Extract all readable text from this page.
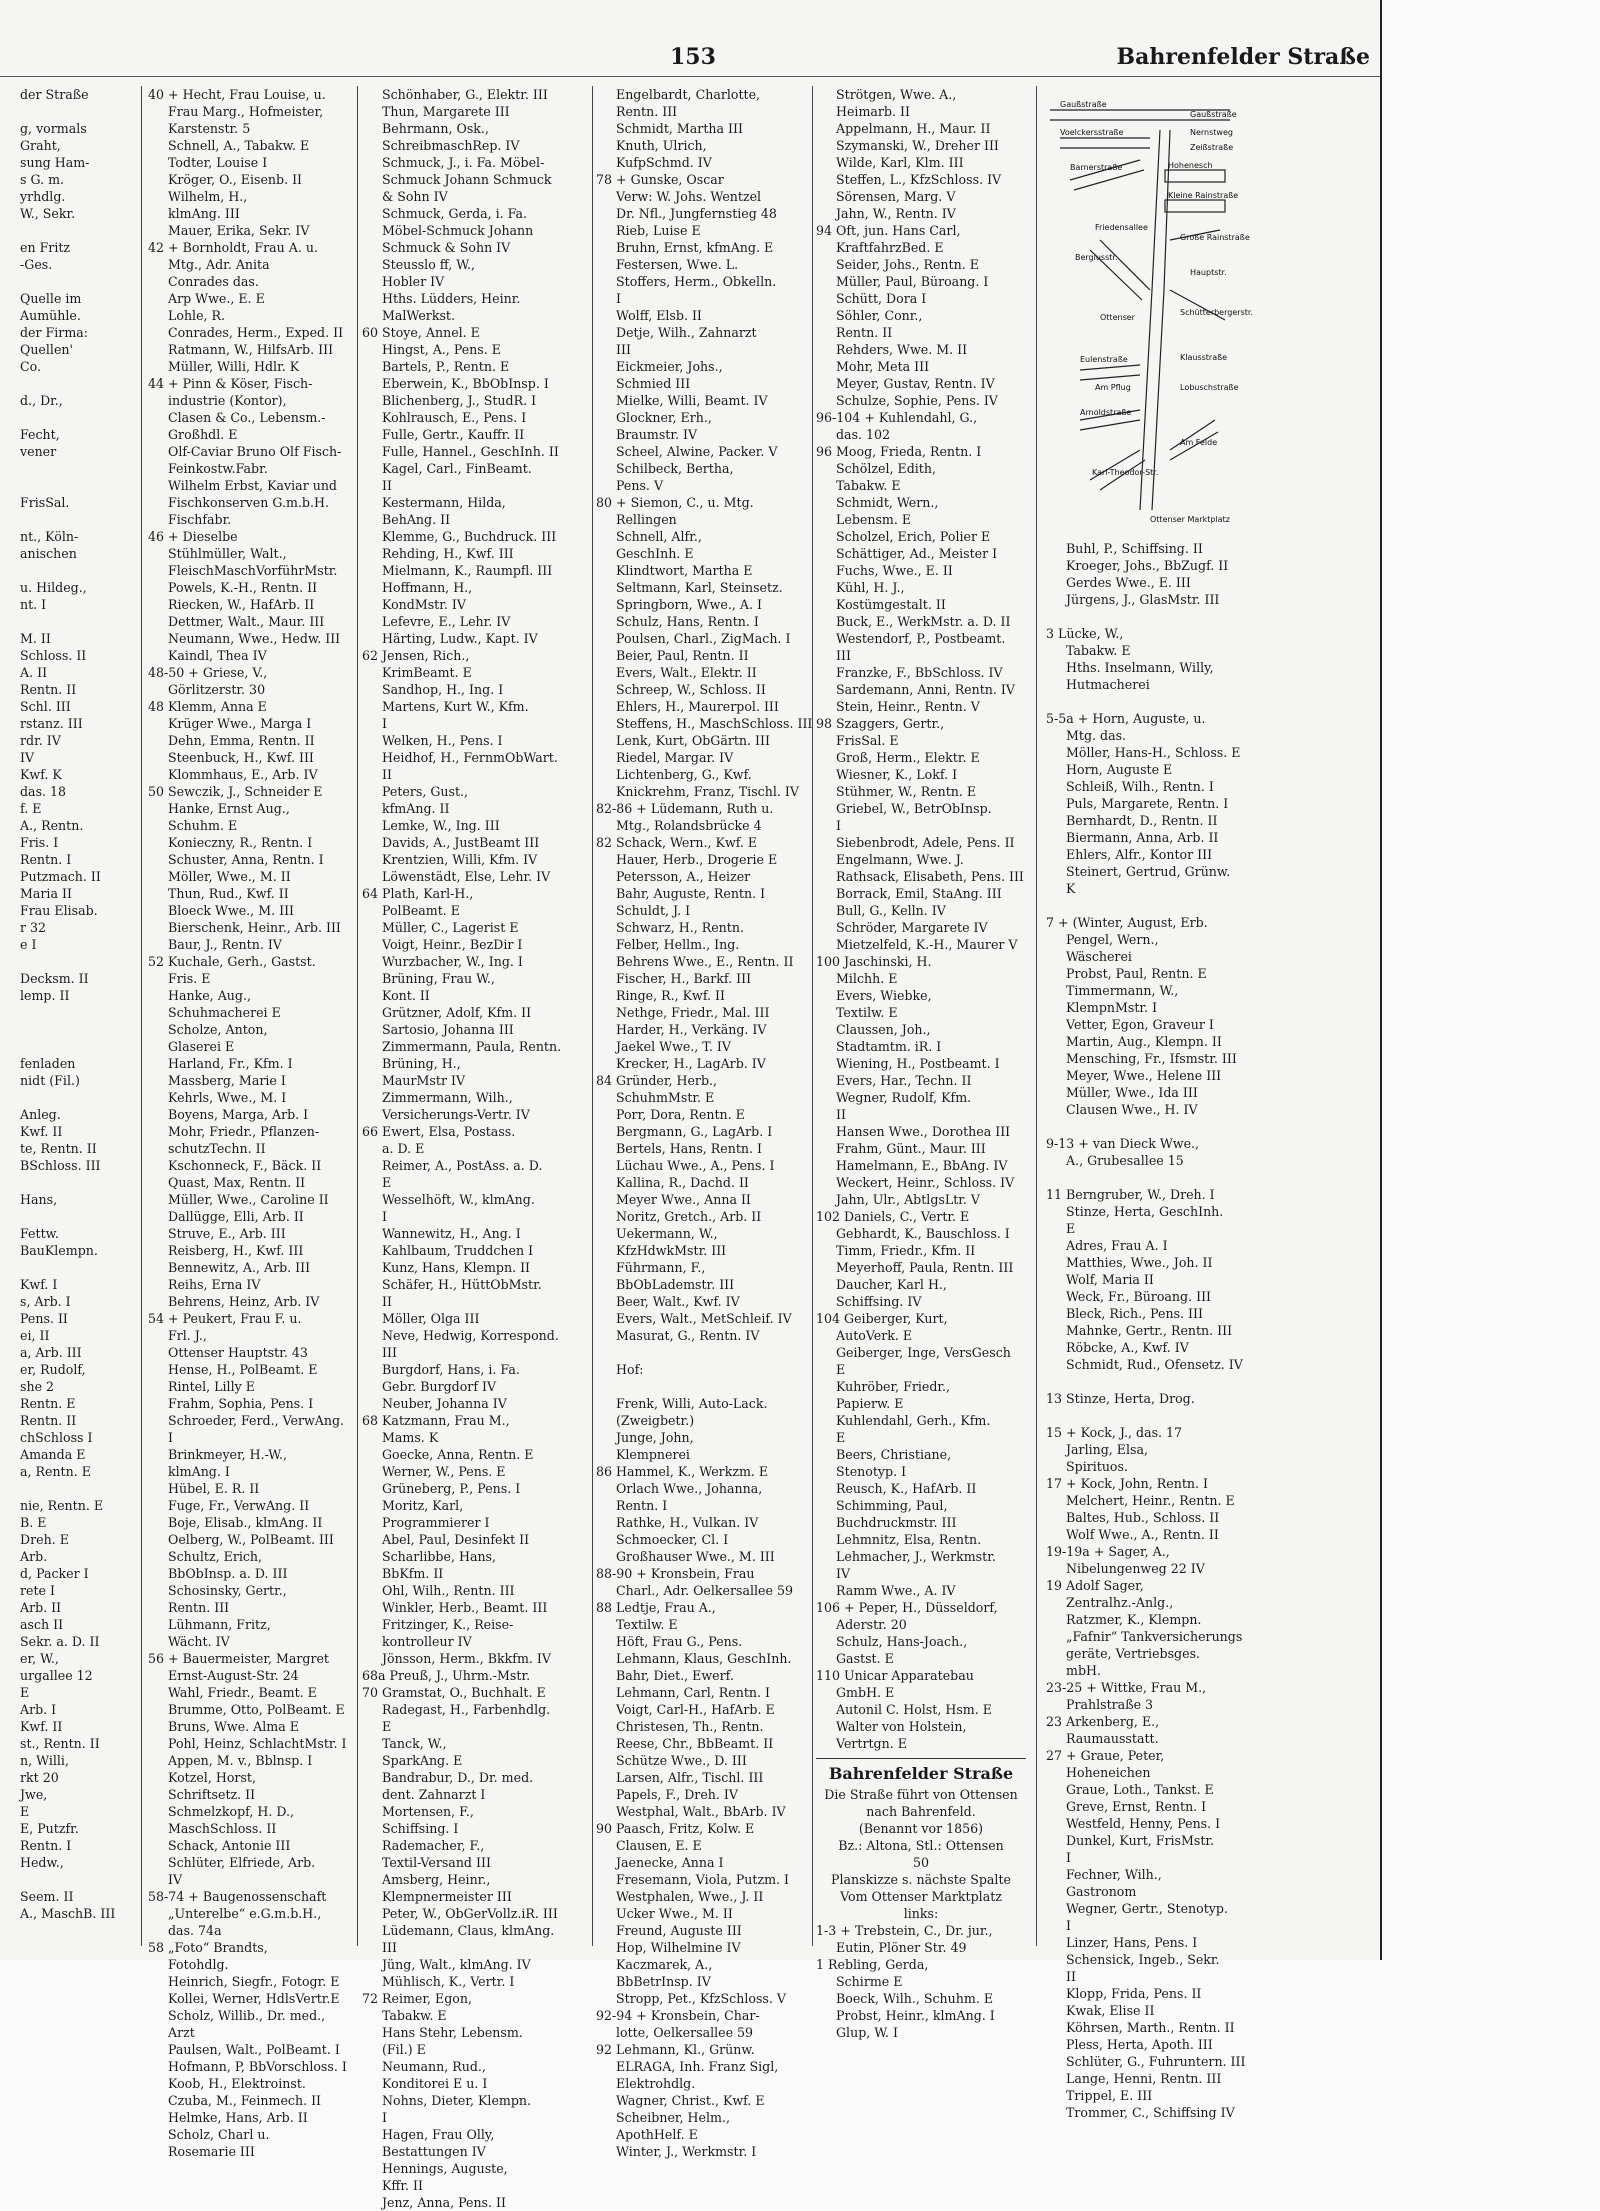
153	Bahrenfelder Straße
der Straße

g, vormals
Graht,
sung Ham-
s G. m.
yrhdlg.
W., Sekr.

en Fritz
-Ges.

Quelle im
Aumühle.
der Firma:
Quellen'
Co.

d., Dr.,

Fecht,
vener

FrisSal.

nt., Köln-
anischen

u. Hildeg.,
nt. I

M. II
Schloss. II
A. II
Rentn. II
Schl. III
rstanz. III
rdr. IV
IV
Kwf. K
das. 18
f. E
A., Rentn.
Fris. I
Rentn. I
Putzmach. II
Maria II
Frau Elisab.
r 32
e I

Decksm. II
lemp. II

fenladen
nidt (Fil.)

Anleg.
Kwf. II
te, Rentn. II
BSchloss. III

Hans,

Fettw.
BauKlempn.

Kwf. I
s, Arb. I
Pens. II
ei, II
a, Arb. III
er, Rudolf,
she 2
Rentn. E
Rentn. II
chSchloss I
Amanda E
a, Rentn. E

nie, Rentn. E
B. E
Dreh. E
Arb.
d, Packer I
rete I
Arb. II
asch II
Sekr. a. D. II
er, W.,
urgallee 12
E
Arb. I
Kwf. II
st., Rentn. II
n, Willi,
rkt 20
Jwe,
E
E, Putzfr.
Rentn. I
Hedw.,

Seem. II
A., MaschB. III
40 + Hecht, Frau Louise, u.
Frau Marg., Hofmeister,
Karstenstr. 5
Schnell, A., Tabakw. E
Todter, Louise I
Kröger, O., Eisenb. II
Wilhelm, H.,
klmAng. III
Mauer, Erika, Sekr. IV
42 + Bornholdt, Frau A. u.
Mtg., Adr. Anita
Conrades das.
Arp Wwe., E. E
Lohle, R.
Conrades, Herm., Exped. II
Ratmann, W., HilfsArb. III
Müller, Willi, Hdlr. K
44 + Pinn & Köser, Fisch-
industrie (Kontor),
Clasen & Co., Lebensm.-
Großhdl. E
Olf-Caviar Bruno Olf Fisch-
Feinkostw.Fabr.
Wilhelm Erbst, Kaviar und
Fischkonserven G.m.b.H.
Fischfabr.
46 + Dieselbe
Stühlmüller, Walt.,
FleischMaschVorführMstr.
Powels, K.-H., Rentn. II
Riecken, W., HafArb. II
Dettmer, Walt., Maur. III
Neumann, Wwe., Hedw. III
Kaindl, Thea IV
48-50 + Griese, V.,
Görlitzerstr. 30
48 Klemm, Anna E
Krüger Wwe., Marga I
Dehn, Emma, Rentn. II
Steenbuck, H., Kwf. III
Klommhaus, E., Arb. IV
50 Sewczik, J., Schneider E
Hanke, Ernst Aug.,
Schuhm. E
Konieczny, R., Rentn. I
Schuster, Anna, Rentn. I
Möller, Wwe., M. II
Thun, Rud., Kwf. II
Bloeck Wwe., M. III
Bierschenk, Heinr., Arb. III
Baur, J., Rentn. IV
52 Kuchale, Gerh., Gastst.
Fris. E
Hanke, Aug.,
Schuhmacherei E
Scholze, Anton,
Glaserei E
Harland, Fr., Kfm. I
Massberg, Marie I
Kehrls, Wwe., M. I
Boyens, Marga, Arb. I
Mohr, Friedr., Pflanzen-
schutzTechn. II
Kschonneck, F., Bäck. II
Quast, Max, Rentn. II
Müller, Wwe., Caroline II
Dallügge, Elli, Arb. II
Struve, E., Arb. III
Reisberg, H., Kwf. III
Bennewitz, A., Arb. III
Reihs, Erna IV
Behrens, Heinz, Arb. IV
54 + Peukert, Frau F. u.
Frl. J.,
Ottenser Hauptstr. 43
Hense, H., PolBeamt. E
Rintel, Lilly E
Frahm, Sophia, Pens. I
Schroeder, Ferd., VerwAng.
I
Brinkmeyer, H.-W.,
klmAng. I
Hübel, E. R. II
Fuge, Fr., VerwAng. II
Boje, Elisab., klmAng. II
Oelberg, W., PolBeamt. III
Schultz, Erich,
BbObInsp. a. D. III
Schosinsky, Gertr.,
Rentn. III
Lühmann, Fritz,
Wächt. IV
56 + Bauermeister, Margret
Ernst-August-Str. 24
Wahl, Friedr., Beamt. E
Brumme, Otto, PolBeamt. E
Bruns, Wwe. Alma E
Pohl, Heinz, SchlachtMstr. I
Appen, M. v., Bblnsp. I
Kotzel, Horst,
Schriftsetz. II
Schmelzkopf, H. D.,
MaschSchloss. II
Schack, Antonie III
Schlüter, Elfriede, Arb.
IV
58-74 + Baugenossenschaft
„Unterelbe“ e.G.m.b.H.,
das. 74a
58 „Foto“ Brandts,
Fotohdlg.
Heinrich, Siegfr., Fotogr. E
Kollei, Werner, HdlsVertr.E
Scholz, Willib., Dr. med.,
Arzt
Paulsen, Walt., PolBeamt. I
Hofmann, P, BbVorschloss. I
Koob, H., Elektroinst.
Czuba, M., Feinmech. II
Helmke, Hans, Arb. II
Scholz, Charl u.
Rosemarie III
Schönhaber, G., Elektr. III
Thun, Margarete III
Behrmann, Osk.,
SchreibmaschRep. IV
Schmuck, J., i. Fa. Möbel-
Schmuck Johann Schmuck
& Sohn IV
Schmuck, Gerda, i. Fa.
Möbel-Schmuck Johann
Schmuck & Sohn IV
Steusslo ff, W.,
Hobler IV
Hths. Lüdders, Heinr.
MalWerkst.
60 Stoye, Annel. E
Hingst, A., Pens. E
Bartels, P., Rentn. E
Eberwein, K., BbObInsp. I
Blichenberg, J., StudR. I
Kohlrausch, E., Pens. I
Fulle, Gertr., Kauffr. II
Fulle, Hannel., GeschInh. II
Kagel, Carl., FinBeamt.
II
Kestermann, Hilda,
BehAng. II
Klemme, G., Buchdruck. III
Rehding, H., Kwf. III
Mielmann, K., Raumpfl. III
Hoffmann, H.,
KondMstr. IV
Lefevre, E., Lehr. IV
Härting, Ludw., Kapt. IV
62 Jensen, Rich.,
KrimBeamt. E
Sandhop, H., Ing. I
Martens, Kurt W., Kfm.
I
Welken, H., Pens. I
Heidhof, H., FernmObWart.
II
Peters, Gust.,
kfmAng. II
Lemke, W., Ing. III
Davids, A., JustBeamt III
Krentzien, Willi, Kfm. IV
Löwenstädt, Else, Lehr. IV
64 Plath, Karl-H.,
PolBeamt. E
Müller, C., Lagerist E
Voigt, Heinr., BezDir I
Wurzbacher, W., Ing. I
Brüning, Frau W.,
Kont. II
Grützner, Adolf, Kfm. II
Sartosio, Johanna III
Zimmermann, Paula, Rentn.
Brüning, H.,
MaurMstr IV
Zimmermann, Wilh.,
Versicherungs-Vertr. IV
66 Ewert, Elsa, Postass.
a. D. E
Reimer, A., PostAss. a. D.
E
Wesselhöft, W., klmAng.
I
Wannewitz, H., Ang. I
Kahlbaum, Truddchen I
Kunz, Hans, Klempn. II
Schäfer, H., HüttObMstr.
II
Möller, Olga III
Neve, Hedwig, Korrespond.
III
Burgdorf, Hans, i. Fa.
Gebr. Burgdorf IV
Neuber, Johanna IV
68 Katzmann, Frau M.,
Mams. K
Goecke, Anna, Rentn. E
Werner, W., Pens. E
Grüneberg, P., Pens. I
Moritz, Karl,
Programmierer I
Abel, Paul, Desinfekt II
Scharlibbe, Hans,
BbKfm. II
Ohl, Wilh., Rentn. III
Winkler, Herb., Beamt. III
Fritzinger, K., Reise-
kontrolleur IV
Jönsson, Herm., Bkkfm. IV
68a Preuß, J., Uhrm.-Mstr.
70 Gramstat, O., Buchhalt. E
Radegast, H., Farbenhdlg.
E
Tanck, W.,
SparkAng. E
Bandrabur, D., Dr. med.
dent. Zahnarzt I
Mortensen, F.,
Schiffsing. I
Rademacher, F.,
Textil-Versand III
Amsberg, Heinr.,
Klempnermeister III
Peter, W., ObGerVollz.iR. III
Lüdemann, Claus, klmAng.
III
Jüng, Walt., klmAng. IV
Mühlisch, K., Vertr. I
72 Reimer, Egon,
Tabakw. E
Hans Stehr, Lebensm.
(Fil.) E
Neumann, Rud.,
Konditorei E u. I
Nohns, Dieter, Klempn.
I
Hagen, Frau Olly,
Bestattungen IV
Hennings, Auguste,
Kffr. II
Jenz, Anna, Pens. II
Engelbardt, Charlotte,
Rentn. III
Schmidt, Martha III
Knuth, Ulrich,
KufpSchmd. IV
78 + Gunske, Oscar
Verw: W. Johs. Wentzel
Dr. Nfl., Jungfernstieg 48
Rieb, Luise E
Bruhn, Ernst, kfmAng. E
Festersen, Wwe. L.
Stoffers, Herm., Obkelln.
I
Wolff, Elsb. II
Detje, Wilh., Zahnarzt
III
Eickmeier, Johs.,
Schmied III
Mielke, Willi, Beamt. IV
Glockner, Erh.,
Braumstr. IV
Scheel, Alwine, Packer. V
Schilbeck, Bertha,
Pens. V
80 + Siemon, C., u. Mtg.
Rellingen
Schnell, Alfr.,
GeschInh. E
Klindtwort, Martha E
Seltmann, Karl, Steinsetz.
Springborn, Wwe., A. I
Schulz, Hans, Rentn. I
Poulsen, Charl., ZigMach. I
Beier, Paul, Rentn. II
Evers, Walt., Elektr. II
Schreep, W., Schloss. II
Ehlers, H., Maurerpol. III
Steffens, H., MaschSchloss. III
Lenk, Kurt, ObGärtn. III
Riedel, Margar. IV
Lichtenberg, G., Kwf.
Knickrehm, Franz, Tischl. IV
82-86 + Lüdemann, Ruth u.
Mtg., Rolandsbrücke 4
82 Schack, Wern., Kwf. E
Hauer, Herb., Drogerie E
Petersson, A., Heizer
Bahr, Auguste, Rentn. I
Schuldt, J. I
Schwarz, H., Rentn.
Felber, Hellm., Ing.
Behrens Wwe., E., Rentn. II
Fischer, H., Barkf. III
Ringe, R., Kwf. II
Nethge, Friedr., Mal. III
Harder, H., Verkäng. IV
Jaekel Wwe., T. IV
Krecker, H., LagArb. IV
84 Gründer, Herb.,
SchuhmMstr. E
Porr, Dora, Rentn. E
Bergmann, G., LagArb. I
Bertels, Hans, Rentn. I
Lüchau Wwe., A., Pens. I
Kallina, R., Dachd. II
Meyer Wwe., Anna II
Noritz, Gretch., Arb. II
Uekermann, W.,
KfzHdwkMstr. III
Führmann, F.,
BbObLademstr. III
Beer, Walt., Kwf. IV
Evers, Walt., MetSchleif. IV
Masurat, G., Rentn. IV

Hof:

Frenk, Willi, Auto-Lack.
(Zweigbetr.)
Junge, John,
Klempnerei
86 Hammel, K., Werkzm. E
Orlach Wwe., Johanna,
Rentn. I
Rathke, H., Vulkan. IV
Schmoecker, Cl. I
Großhauser Wwe., M. III
88-90 + Kronsbein, Frau
Charl., Adr. Oelkersallee 59
88 Ledtje, Frau A.,
Textilw. E
Höft, Frau G., Pens.
Lehmann, Klaus, GeschInh.
Bahr, Diet., Ewerf.
Lehmann, Carl, Rentn. I
Voigt, Carl-H., HafArb. E
Christesen, Th., Rentn.
Reese, Chr., BbBeamt. II
Schütze Wwe., D. III
Larsen, Alfr., Tischl. III
Papels, F., Dreh. IV
Westphal, Walt., BbArb. IV
90 Paasch, Fritz, Kolw. E
Clausen, E. E
Jaenecke, Anna I
Fresemann, Viola, Putzm. I
Westphalen, Wwe., J. II
Ucker Wwe., M. II
Freund, Auguste III
Hop, Wilhelmine IV
Kaczmarek, A.,
BbBetrInsp. IV
Stropp, Pet., KfzSchloss. V
92-94 + Kronsbein, Char-
lotte, Oelkersallee 59
92 Lehmann, Kl., Grünw.
ELRAGA, Inh. Franz Sigl,
Elektrohdlg.
Wagner, Christ., Kwf. E
Scheibner, Helm.,
ApothHelf. E
Winter, J., Werkmstr. I
Strötgen, Wwe. A.,
Heimarb. II
Appelmann, H., Maur. II
Szymanski, W., Dreher III
Wilde, Karl, Klm. III
Steffen, L., KfzSchloss. IV
Sörensen, Marg. V
Jahn, W., Rentn. IV
94 Oft, jun. Hans Carl,
KraftfahrzBed. E
Seider, Johs., Rentn. E
Müller, Paul, Büroang. I
Schütt, Dora I
Söhler, Conr.,
Rentn. II
Rehders, Wwe. M. II
Mohr, Meta III
Meyer, Gustav, Rentn. IV
Schulze, Sophie, Pens. IV
96-104 + Kuhlendahl, G.,
das. 102
96 Moog, Frieda, Rentn. I
Schölzel, Edith,
Tabakw. E
Schmidt, Wern.,
Lebensm. E
Scholzel, Erich, Polier E
Schättiger, Ad., Meister I
Fuchs, Wwe., E. II
Kühl, H. J.,
Kostümgestalt. II
Buck, E., WerkMstr. a. D. II
Westendorf, P., Postbeamt.
III
Franzke, F., BbSchloss. IV
Sardemann, Anni, Rentn. IV
Stein, Heinr., Rentn. V
98 Szaggers, Gertr.,
FrisSal. E
Groß, Herm., Elektr. E
Wiesner, K., Lokf. I
Stühmer, W., Rentn. E
Griebel, W., BetrObInsp.
I
Siebenbrodt, Adele, Pens. II
Engelmann, Wwe. J.
Rathsack, Elisabeth, Pens. III
Borrack, Emil, StaAng. III
Bull, G., Kelln. IV
Schröder, Margarete IV
Mietzelfeld, K.-H., Maurer V
100 Jaschinski, H.
Milchh. E
Evers, Wiebke,
Textilw. E
Claussen, Joh.,
Stadtamtm. iR. I
Wiening, H., Postbeamt. I
Evers, Har., Techn. II
Wegner, Rudolf, Kfm.
II
Hansen Wwe., Dorothea III
Frahm, Günt., Maur. III
Hamelmann, E., BbAng. IV
Weckert, Heinr., Schloss. IV
Jahn, Ulr., AbtlgsLtr. V
102 Daniels, C., Vertr. E
Gebhardt, K., Bauschloss. I
Timm, Friedr., Kfm. II
Meyerhoff, Paula, Rentn. III
Daucher, Karl H.,
Schiffsing. IV
104 Geiberger, Kurt,
AutoVerk. E
Geiberger, Inge, VersGesch
E
Kuhröber, Friedr.,
Papierw. E
Kuhlendahl, Gerh., Kfm.
E
Beers, Christiane,
Stenotyp. I
Reusch, K., HafArb. II
Schimming, Paul,
Buchdruckmstr. III
Lehmnitz, Elsa, Rentn.
Lehmacher, J., Werkmstr.
IV
Ramm Wwe., A. IV
106 + Peper, H., Düsseldorf,
Aderstr. 20
Schulz, Hans-Joach.,
Gastst. E
110 Unicar Apparatebau
GmbH. E
Autonil C. Holst, Hsm. E
Walter von Holstein,
Vertrtgn. E
Bahrenfelder Straße
Die Straße führt von Ottensen
nach Bahrenfeld.
(Benannt vor 1856)
Bz.: Altona, Stl.: Ottensen
50
Planskizze s. nächste Spalte
Vom Ottenser Marktplatz
links:
1-3 + Trebstein, C., Dr. jur.,
Eutin, Plöner Str. 49
1 Rebling, Gerda,
Schirme E
Boeck, Wilh., Schuhm. E
Probst, Heinr., klmAng. I
Glup, W. I
Gaußstraße
Voelckersstraße
Barnerstraße
Friedensallee
Bergiusstr.
Ottenser
Eulenstraße
Am Pflug
Arnoldstraße
Karl-Theodor-Str.
Ottenser Marktplatz
Große Rainstraße
Hauptstr.
Schütterbergerstr.
Klausstraße
Lobuschstraße
Am Felde
Hohenesch
Kleine Rainstraße
Zeißstraße
Nernstweg
Gaußstraße
Buhl, P., Schiffsing. II
Kroeger, Johs., BbZugf. II
Gerdes Wwe., E. III
Jürgens, J., GlasMstr. III

3 Lücke, W.,
Tabakw. E
Hths. Inselmann, Willy,
Hutmacherei

5-5a + Horn, Auguste, u.
Mtg. das.
Möller, Hans-H., Schloss. E
Horn, Auguste E
Schleiß, Wilh., Rentn. I
Puls, Margarete, Rentn. I
Bernhardt, D., Rentn. II
Biermann, Anna, Arb. II
Ehlers, Alfr., Kontor III
Steinert, Gertrud, Grünw.
K

7 + (Winter, August, Erb.
Pengel, Wern.,
Wäscherei
Probst, Paul, Rentn. E
Timmermann, W.,
KlempnMstr. I
Vetter, Egon, Graveur I
Martin, Aug., Klempn. II
Mensching, Fr., Ifsmstr. III
Meyer, Wwe., Helene III
Müller, Wwe., Ida III
Clausen Wwe., H. IV

9-13 + van Dieck Wwe.,
A., Grubesallee 15

11 Berngruber, W., Dreh. I
Stinze, Herta, GeschInh.
E
Adres, Frau A. I
Matthies, Wwe., Joh. II
Wolf, Maria II
Weck, Fr., Büroang. III
Bleck, Rich., Pens. III
Mahnke, Gertr., Rentn. III
Röbcke, A., Kwf. IV
Schmidt, Rud., Ofensetz. IV

13 Stinze, Herta, Drog.

15 + Kock, J., das. 17
Jarling, Elsa,
Spirituos.
17 + Kock, John, Rentn. I
Melchert, Heinr., Rentn. E
Baltes, Hub., Schloss. II
Wolf Wwe., A., Rentn. II
19-19a + Sager, A.,
Nibelungenweg 22 IV
19 Adolf Sager,
Zentralhz.-Anlg.,
Ratzmer, K., Klempn.
„Fafnir“ Tankversicherungs
geräte, Vertriebsges.
mbH.
23-25 + Wittke, Frau M.,
Prahlstraße 3
23 Arkenberg, E.,
Raumausstatt.
27 + Graue, Peter,
Hoheneichen
Graue, Loth., Tankst. E
Greve, Ernst, Rentn. I
Westfeld, Henny, Pens. I
Dunkel, Kurt, FrisMstr.
I
Fechner, Wilh.,
Gastronom
Wegner, Gertr., Stenotyp.
I
Linzer, Hans, Pens. I
Schensick, Ingeb., Sekr.
II
Klopp, Frida, Pens. II
Kwak, Elise II
Köhrsen, Marth., Rentn. II
Pless, Herta, Apoth. III
Schlüter, G., Fuhruntern. III
Lange, Henni, Rentn. III
Trippel, E. III
Trommer, C., Schiffsing IV
